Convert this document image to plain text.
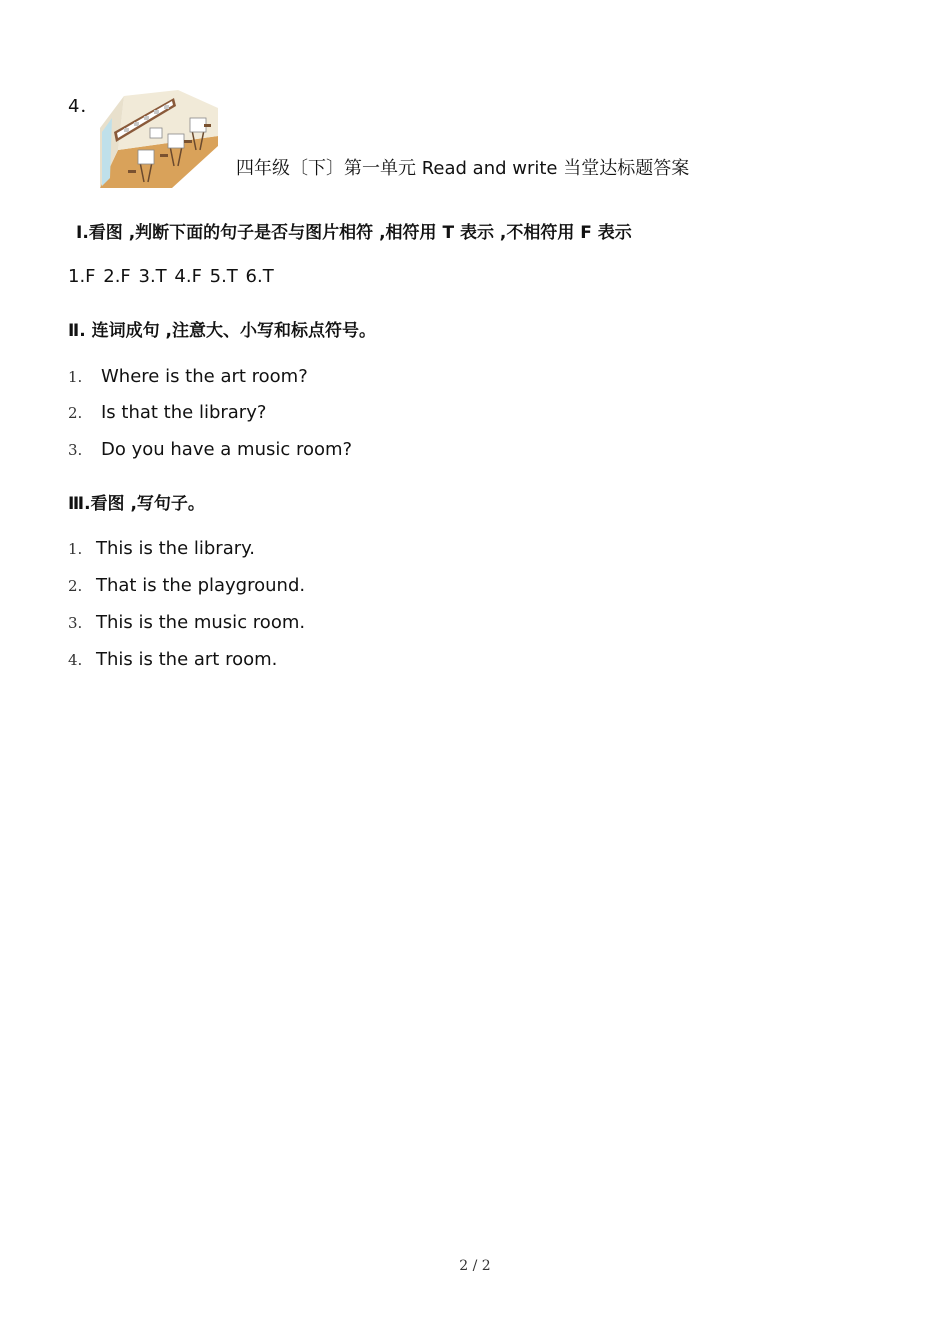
4．
四年级〔下〕第一单元 Read and write 当堂达标题答案
Ⅰ.看图 ,判断下面的句子是否与图片相符 ,相符用 T 表示 ,不相符用 F 表示
1.F 2.F 3.T 4.F 5.T 6.T
Ⅱ. 连词成句 ,注意大、小写和标点符号。
1. Where is the art room?
2. Is that the library?
3. Do you have a music room?
Ⅲ.看图 ,写句子。
1. This is the library.
2. That is the playground.
3. This is the music room.
4. This is the art room.
2 / 2
